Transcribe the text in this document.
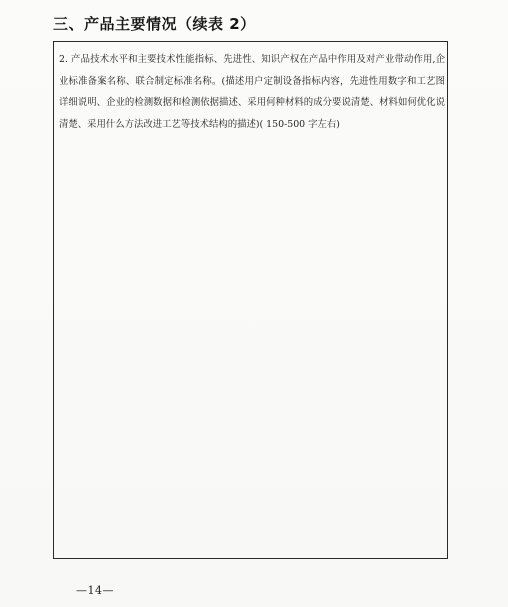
三、产品主要情况（续表 2）

2. 产品技术水平和主要技术性能指标、先进性、知识产权在产品中作用及对产业带动作用,企业标准备案名称、联合制定标准名称。(描述用户定制设备指标内容，先进性用数字和工艺图详细说明、企业的检测数据和检测依据描述、采用何种材料的成分要说清楚、材料如何优化说清楚、采用什么方法改进工艺等技术结构的描述)( 150-500 字左右)

—14—
